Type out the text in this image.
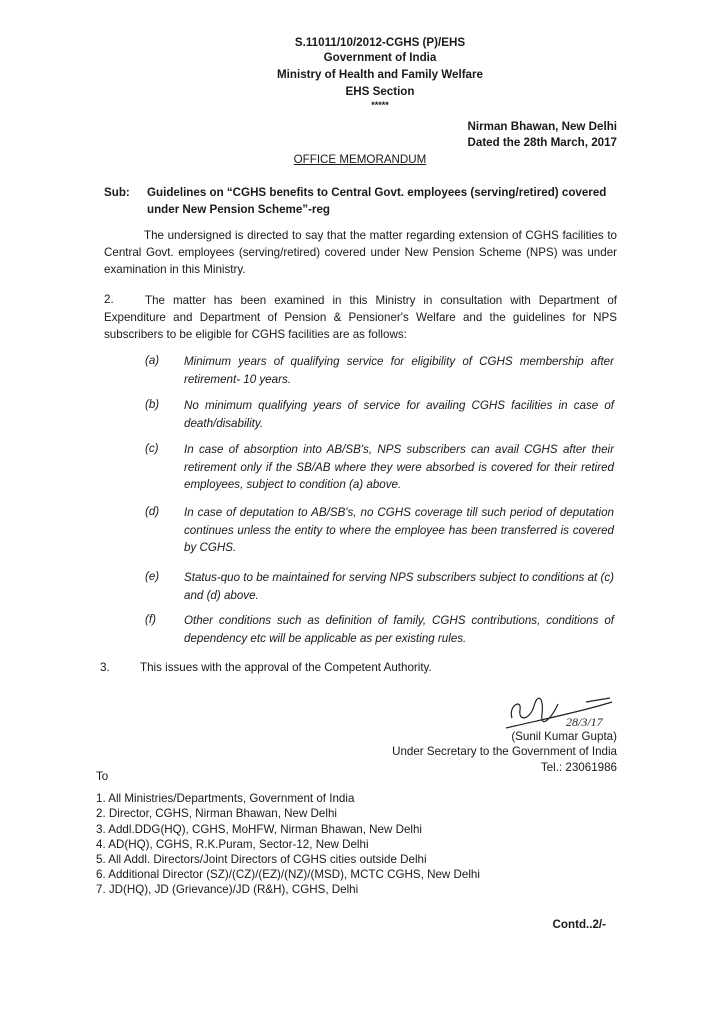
S.11011/10/2012-CGHS (P)/EHS
Government of India
Ministry of Health and Family Welfare
EHS Section
*****
Nirman Bhawan, New Delhi
Dated the 28th March, 2017
OFFICE MEMORANDUM
Sub: Guidelines on “CGHS benefits to Central Govt. employees (serving/retired) covered under New Pension Scheme”-reg
The undersigned is directed to say that the matter regarding extension of CGHS facilities to Central Govt. employees (serving/retired) covered under New Pension Scheme (NPS) was under examination in this Ministry.
2.	The matter has been examined in this Ministry in consultation with Department of Expenditure and Department of Pension & Pensioner's Welfare and the guidelines for NPS subscribers to be eligible for CGHS facilities are as follows:
(a) Minimum years of qualifying service for eligibility of CGHS membership after retirement- 10 years.
(b) No minimum qualifying years of service for availing CGHS facilities in case of death/disability.
(c) In case of absorption into AB/SB's, NPS subscribers can avail CGHS after their retirement only if the SB/AB where they were absorbed is covered for their retired employees, subject to condition (a) above.
(d) In case of deputation to AB/SB's, no CGHS coverage till such period of deputation continues unless the entity to where the employee has been transferred is covered by CGHS.
(e) Status-quo to be maintained for serving NPS subscribers subject to conditions at (c) and (d) above.
(f) Other conditions such as definition of family, CGHS contributions, conditions of dependency etc will be applicable as per existing rules.
3.	This issues with the approval of the Competent Authority.
28/3/17
(Sunil Kumar Gupta)
Under Secretary to the Government of India
Tel.: 23061986
To
1. All Ministries/Departments, Government of India
2. Director, CGHS, Nirman Bhawan, New Delhi
3. Addl.DDG(HQ), CGHS, MoHFW, Nirman Bhawan, New Delhi
4. AD(HQ), CGHS, R.K.Puram, Sector-12, New Delhi
5. All Addl. Directors/Joint Directors of CGHS cities outside Delhi
6. Additional Director (SZ)/(CZ)/(EZ)/(NZ)/(MSD), MCTC CGHS, New Delhi
7. JD(HQ), JD (Grievance)/JD (R&H), CGHS, Delhi
Contd..2/-
